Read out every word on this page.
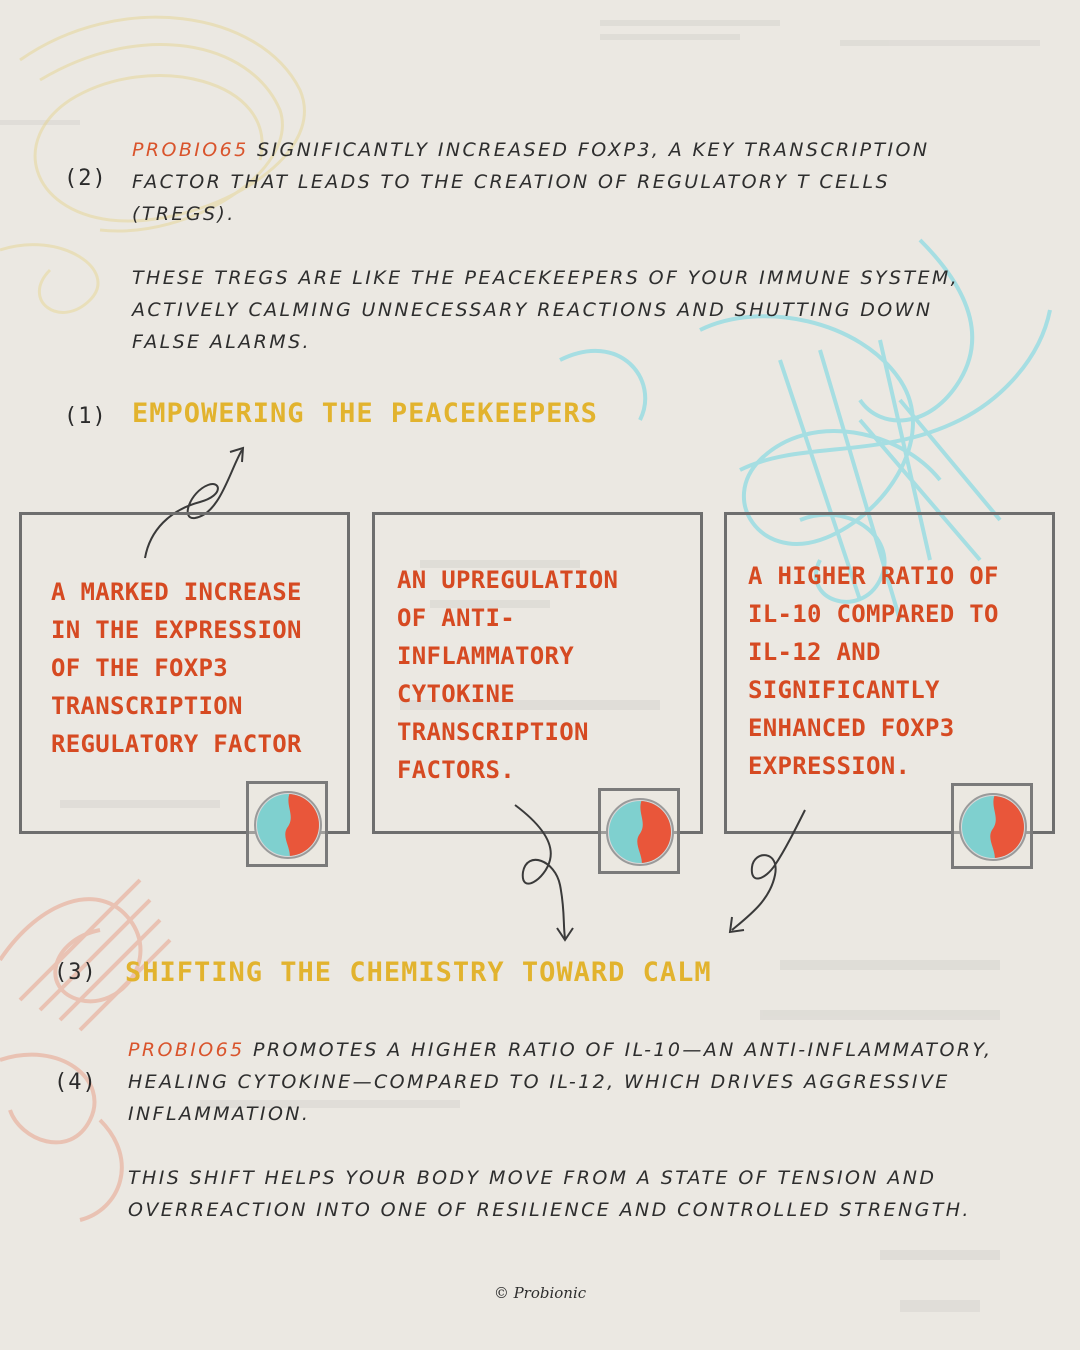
(2)
PROBIO65 SIGNIFICANTLY INCREASED FOXP3, A KEY TRANSCRIPTION
FACTOR THAT LEADS TO THE CREATION OF REGULATORY T CELLS
(TREGS).
THESE TREGS ARE LIKE THE PEACEKEEPERS OF YOUR IMMUNE SYSTEM,
ACTIVELY CALMING UNNECESSARY REACTIONS AND SHUTTING DOWN
FALSE ALARMS.
(1) EMPOWERING THE PEACEKEEPERS
A MARKED INCREASE
IN THE EXPRESSION
OF THE FOXP3
TRANSCRIPTION
REGULATORY FACTOR
AN UPREGULATION
OF ANTI-
INFLAMMATORY
CYTOKINE
TRANSCRIPTION
FACTORS.
A HIGHER RATIO OF
IL-10 COMPARED TO
IL-12 AND
SIGNIFICANTLY
ENHANCED FOXP3
EXPRESSION.
(3) SHIFTING THE CHEMISTRY TOWARD CALM
(4)
PROBIO65 PROMOTES A HIGHER RATIO OF IL-10—AN ANTI-INFLAMMATORY,
HEALING CYTOKINE—COMPARED TO IL-12, WHICH DRIVES AGGRESSIVE
INFLAMMATION.
THIS SHIFT HELPS YOUR BODY MOVE FROM A STATE OF TENSION AND
OVERREACTION INTO ONE OF RESILIENCE AND CONTROLLED STRENGTH.
© Probionic
